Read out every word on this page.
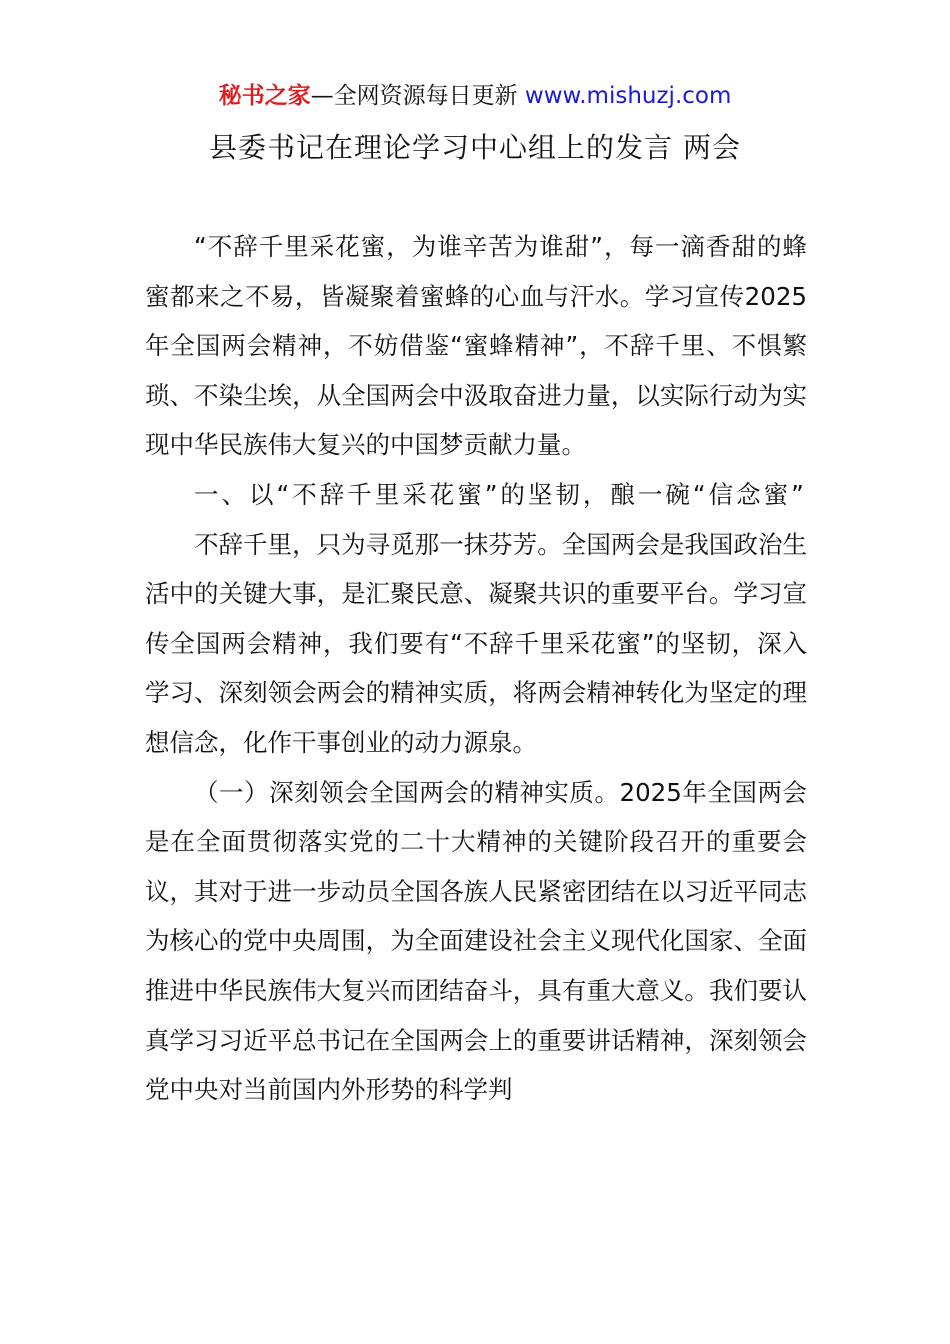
秘书之家—全网资源每日更新 www.mishuzj.com
县委书记在理论学习中心组上的发言 两会

“不辞千里采花蜜，为谁辛苦为谁甜”，每一滴香甜的蜂蜜都来之不易，皆凝聚着蜜蜂的心血与汗水。学习宣传2025年全国两会精神，不妨借鉴“蜜蜂精神”，不辞千里、不惧繁琐、不染尘埃，从全国两会中汲取奋进力量，以实际行动为实现中华民族伟大复兴的中国梦贡献力量。

一、以“不辞千里采花蜜”的坚韧，酿一碗“信念蜜”

不辞千里，只为寻觅那一抹芬芳。全国两会是我国政治生活中的关键大事，是汇聚民意、凝聚共识的重要平台。学习宣传全国两会精神，我们要有“不辞千里采花蜜”的坚韧，深入学习、深刻领会两会的精神实质，将两会精神转化为坚定的理想信念，化作干事创业的动力源泉。

（一）深刻领会全国两会的精神实质。2025年全国两会是在全面贯彻落实党的二十大精神的关键阶段召开的重要会议，其对于进一步动员全国各族人民紧密团结在以习近平同志为核心的党中央周围，为全面建设社会主义现代化国家、全面推进中华民族伟大复兴而团结奋斗，具有重大意义。我们要认真学习习近平总书记在全国两会上的重要讲话精神，深刻领会党中央对当前国内外形势的科学判
